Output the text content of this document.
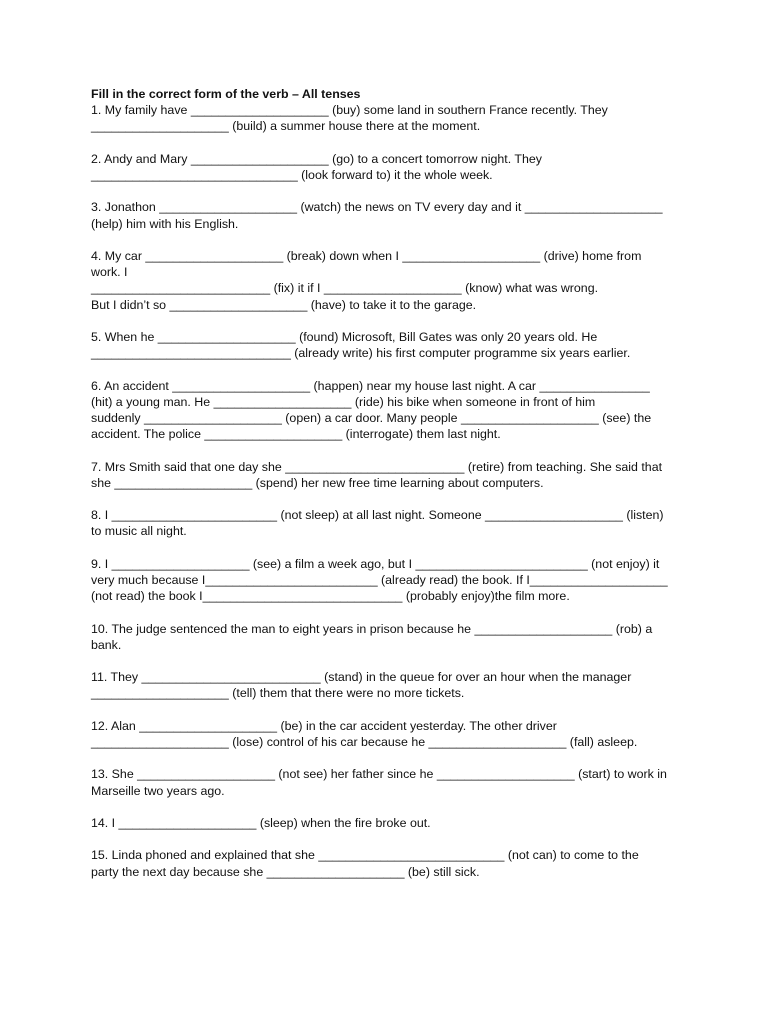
Fill in the correct form of the verb – All tenses

1. My family have ____________________ (buy) some land in southern France recently. They
____________________ (build) a summer house there at the moment.
2. Andy and Mary ____________________ (go) to a concert tomorrow night. They
______________________________ (look forward to) it the whole week.
3. Jonathon ____________________ (watch) the news on TV every day and it ____________________
(help) him with his English.
4. My car ____________________ (break) down when I ____________________ (drive) home from
work. I
__________________________ (fix) it if I ____________________ (know) what was wrong.
But I didn’t so ____________________ (have) to take it to the garage.
5. When he ____________________ (found) Microsoft, Bill Gates was only 20 years old. He
_____________________________ (already write) his first computer programme six years earlier.
6. An accident ____________________ (happen) near my house last night. A car ________________
(hit) a young man. He ____________________ (ride) his bike when someone in front of him
suddenly ____________________ (open) a car door. Many people ____________________ (see) the
accident. The police ____________________ (interrogate) them last night.
7. Mrs Smith said that one day she __________________________ (retire) from teaching. She said that
she ____________________ (spend) her new free time learning about computers.
8. I ________________________ (not sleep) at all last night. Someone ____________________ (listen)
to music all night.
9. I ____________________ (see) a film a week ago, but I _________________________ (not enjoy) it
very much because I_________________________ (already read) the book. If I____________________
(not read) the book I_____________________________ (probably enjoy)the film more.
10. The judge sentenced the man to eight years in prison because he ____________________ (rob) a
bank.
11. They __________________________ (stand) in the queue for over an hour when the manager
____________________ (tell) them that there were no more tickets.
12. Alan ____________________ (be) in the car accident yesterday. The other driver
____________________ (lose) control of his car because he ____________________ (fall) asleep.
13. She ____________________ (not see) her father since he ____________________ (start) to work in
Marseille two years ago.
14. I ____________________ (sleep) when the fire broke out.
15. Linda phoned and explained that she ___________________________ (not can) to come to the
party the next day because she ____________________ (be) still sick.
